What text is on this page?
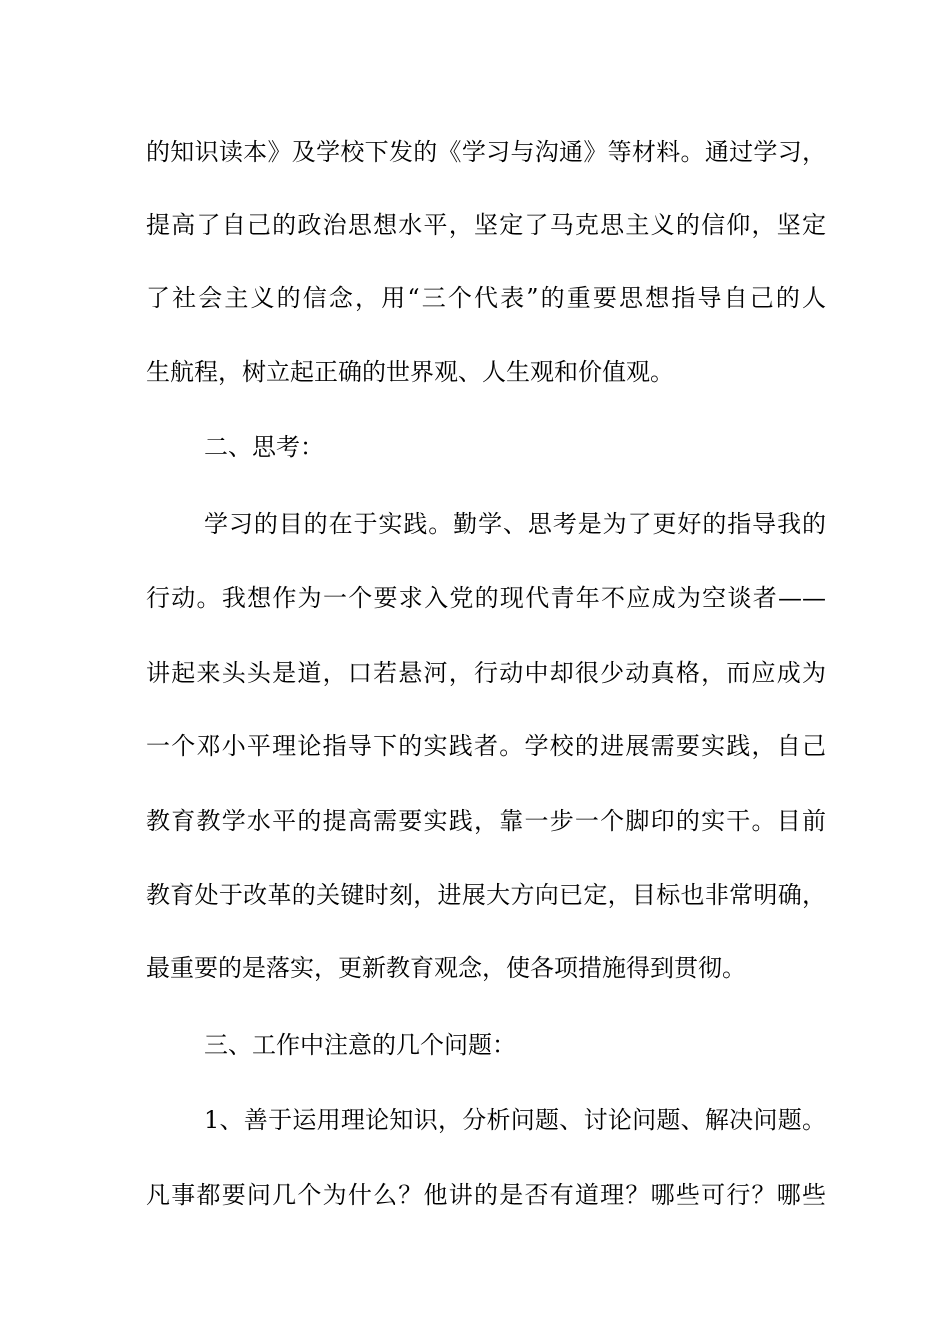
的知识读本》及学校下发的《学习与沟通》等材料。通过学习，
提高了自己的政治思想水平，坚定了马克思主义的信仰，坚定
了社会主义的信念，用“三个代表”的重要思想指导自己的人
生航程，树立起正确的世界观、人生观和价值观。
二、思考：
学习的目的在于实践。勤学、思考是为了更好的指导我的
行动。我想作为一个要求入党的现代青年不应成为空谈者——
讲起来头头是道，口若悬河，行动中却很少动真格，而应成为
一个邓小平理论指导下的实践者。学校的进展需要实践，自己
教育教学水平的提高需要实践，靠一步一个脚印的实干。目前
教育处于改革的关键时刻，进展大方向已定，目标也非常明确，
最重要的是落实，更新教育观念，使各项措施得到贯彻。
三、工作中注意的几个问题：
1、善于运用理论知识，分析问题、讨论问题、解决问题。
凡事都要问几个为什么？他讲的是否有道理？哪些可行？哪些
